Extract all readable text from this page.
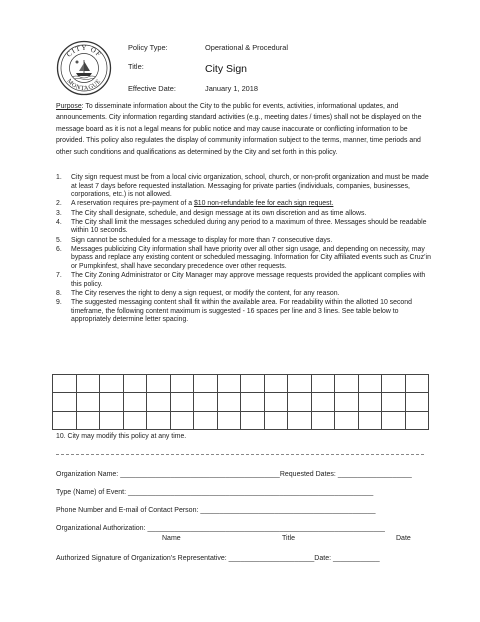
CITY OF
MONTAGUE
Policy Type:	Operational & Procedural
Title:	City Sign
Effective Date:	January 1, 2018
Purpose: To disseminate information about the City to the public for events, activities, informational updates, and announcements. City information regarding standard activities (e.g., meeting dates / times) shall not be displayed on the message board as it is not a legal means for public notice and may cause inaccurate or conflicting information to be provided. This policy also regulates the display of community information subject to the terms, manner, time periods and other such conditions and qualifications as determined by the City and set forth in this policy.
1. City sign request must be from a local civic organization, school, church, or non-profit organization and must be made at least 7 days before requested installation. Messaging for private parties (individuals, companies, businesses, corporations, etc.) is not allowed.
2. A reservation requires pre-payment of a $10 non-refundable fee for each sign request.
3. The City shall designate, schedule, and design message at its own discretion and as time allows.
4. The City shall limit the messages scheduled during any period to a maximum of three. Messages should be readable within 10 seconds.
5. Sign cannot be scheduled for a message to display for more than 7 consecutive days.
6. Messages publicizing City information shall have priority over all other sign usage, and depending on necessity, may bypass and replace any existing content or scheduled messaging. Information for City affiliated events such as Cruz’in or Pumpkinfest, shall have secondary precedence over other requests.
7. The City Zoning Administrator or City Manager may approve message requests provided the applicant complies with this policy.
8. The City reserves the right to deny a sign request, or modify the content, for any reason.
9. The suggested messaging content shall fit within the available area. For readability within the allotted 10 second timeframe, the following content maximum is suggested - 16 spaces per line and 3 lines. See table below to appropriately determine letter spacing.

10. City may modify this policy at any time.
Organization Name: _________________________________________Requested Dates: ___________________
Type (Name) of Event: _______________________________________________________________
Phone Number and E-mail of Contact Person: _____________________________________________
Organizational Authorization: _____________________________________________________________
Name	Title	Date
Authorized Signature of Organization’s Representative: ______________________Date: ____________
